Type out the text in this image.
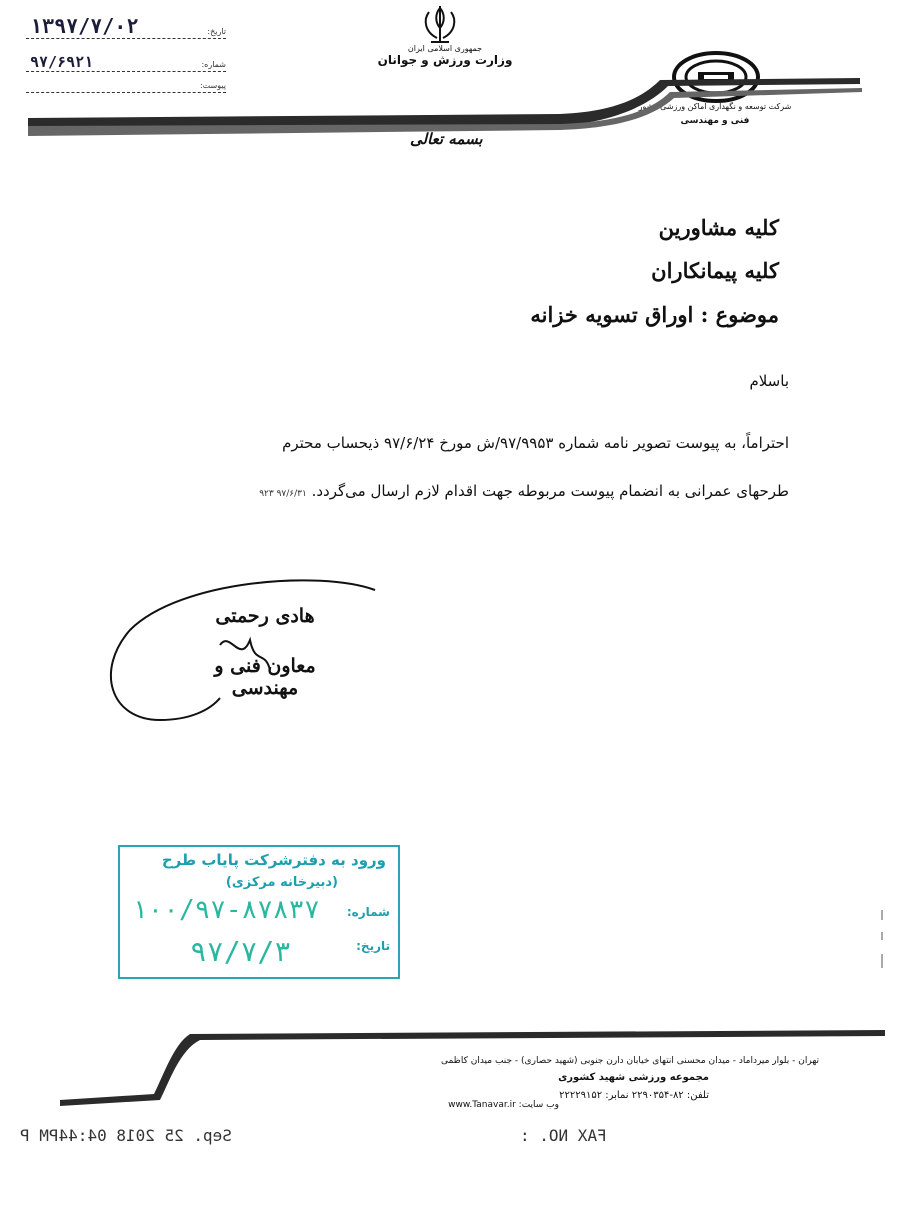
۱۳۹۷/۷/۰۲	تاریخ:
۹۷/۶۹۲۱	شماره:
پیوست:
جمهوری اسلامی ایران
وزارت ورزش و جوانان
شرکت توسعه و نگهداری اماکن ورزشی کشور
فنی و مهندسی
بسمه تعالی
کلیه مشاورین
کلیه پیمانکاران
موضوع : اوراق تسویه خزانه
باسلام
احتراماً، به پیوست تصویر نامه شماره ۹۷/۹۹۵۳/ش مورخ ۹۷/۶/۲۴ ذیحساب محترم
طرحهای عمرانی به انضمام پیوست مربوطه جهت اقدام لازم ارسال می‌گردد. ۹۷/۶/۳۱ ۹۲۳
هادی رحمتی
معاون فنی و مهندسی
ورود به دفترشرکت پایاب طرح
(دبیرخانه مرکزی)
شماره:
۱۰۰/۹۷-۸۷۸۳۷
تاریخ:
۹۷/۷/۳
تهران - بلوار میرداماد - میدان محسنی انتهای خیابان دارن جنوبی (شهید حصاری) - جنب میدان کاظمی
مجموعه ورزشی شهید کشوری
تلفن: ۸۲-۲۲۹۰۳۵۴ نمابر: ۲۲۲۲۹۱۵۲
www.Tanavar.ir وب سایت:
Sep. 25 2018 04:44PM P	FAX NO. :
